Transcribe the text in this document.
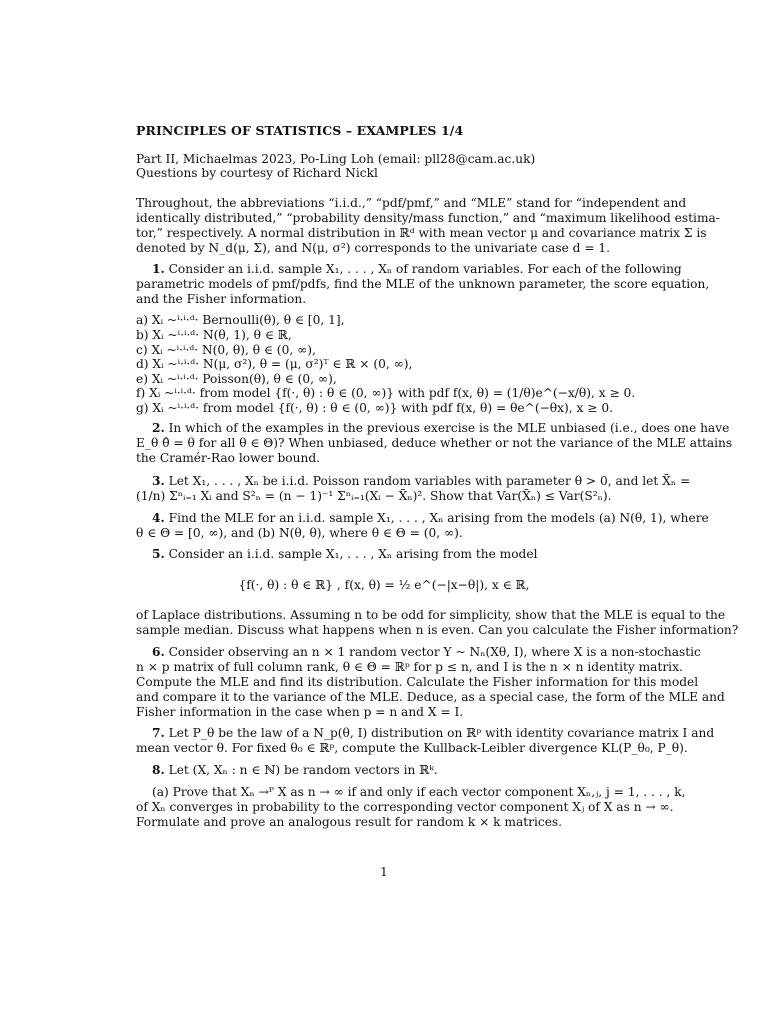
PRINCIPLES OF STATISTICS – EXAMPLES 1/4
Part II, Michaelmas 2023, Po-Ling Loh (email: pll28@cam.ac.uk)
Questions by courtesy of Richard Nickl
Throughout, the abbreviations “i.i.d.,” “pdf/pmf,” and “MLE” stand for “independent and
identically distributed,” “probability density/mass function,” and “maximum likelihood estima-
tor,” respectively. A normal distribution in ℝᵈ with mean vector μ and covariance matrix Σ is
denoted by N_d(μ, Σ), and N(μ, σ²) corresponds to the univariate case d = 1.
1. Consider an i.i.d. sample X₁, . . . , Xₙ of random variables. For each of the following
parametric models of pmf/pdfs, find the MLE of the unknown parameter, the score equation,
and the Fisher information.
a) Xᵢ ~ⁱ·ⁱ·ᵈ· Bernoulli(θ), θ ∈ [0, 1],
b) Xᵢ ~ⁱ·ⁱ·ᵈ· N(θ, 1), θ ∈ ℝ,
c) Xᵢ ~ⁱ·ⁱ·ᵈ· N(0, θ), θ ∈ (0, ∞),
d) Xᵢ ~ⁱ·ⁱ·ᵈ· N(μ, σ²), θ = (μ, σ²)ᵀ ∈ ℝ × (0, ∞),
e) Xᵢ ~ⁱ·ⁱ·ᵈ· Poisson(θ), θ ∈ (0, ∞),
f) Xᵢ ~ⁱ·ⁱ·ᵈ· from model {f(·, θ) : θ ∈ (0, ∞)} with pdf f(x, θ) = (1/θ)e^(−x/θ), x ≥ 0.
g) Xᵢ ~ⁱ·ⁱ·ᵈ· from model {f(·, θ) : θ ∈ (0, ∞)} with pdf f(x, θ) = θe^(−θx), x ≥ 0.
2. In which of the examples in the previous exercise is the MLE unbiased (i.e., does one have
E_θ θ̂ = θ for all θ ∈ Θ)? When unbiased, deduce whether or not the variance of the MLE attains
the Cramér-Rao lower bound.
3. Let X₁, . . . , Xₙ be i.i.d. Poisson random variables with parameter θ > 0, and let X̄ₙ =
(1/n) Σⁿᵢ₌₁ Xᵢ and S²ₙ = (n − 1)⁻¹ Σⁿᵢ₌₁(Xᵢ − X̄ₙ)². Show that Var(X̄ₙ) ≤ Var(S²ₙ).
4. Find the MLE for an i.i.d. sample X₁, . . . , Xₙ arising from the models (a) N(θ, 1), where
θ ∈ Θ = [0, ∞), and (b) N(θ, θ), where θ ∈ Θ = (0, ∞).
5. Consider an i.i.d. sample X₁, . . . , Xₙ arising from the model
{f(·, θ) : θ ∈ ℝ} , f(x, θ) = ½ e^(−|x−θ|), x ∈ ℝ,
of Laplace distributions. Assuming n to be odd for simplicity, show that the MLE is equal to the
sample median. Discuss what happens when n is even. Can you calculate the Fisher information?
6. Consider observing an n × 1 random vector Y ~ Nₙ(Xθ, I), where X is a non-stochastic
n × p matrix of full column rank, θ ∈ Θ = ℝᵖ for p ≤ n, and I is the n × n identity matrix.
Compute the MLE and find its distribution. Calculate the Fisher information for this model
and compare it to the variance of the MLE. Deduce, as a special case, the form of the MLE and
Fisher information in the case when p = n and X = I.
7. Let P_θ be the law of a N_p(θ, I) distribution on ℝᵖ with identity covariance matrix I and
mean vector θ. For fixed θ₀ ∈ ℝᵖ, compute the Kullback-Leibler divergence KL(P_θ₀, P_θ).
8. Let (X, Xₙ : n ∈ ℕ) be random vectors in ℝᵏ.
(a) Prove that Xₙ →ᴾ X as n → ∞ if and only if each vector component Xₙ,ⱼ, j = 1, . . . , k,
of Xₙ converges in probability to the corresponding vector component Xⱼ of X as n → ∞.
Formulate and prove an analogous result for random k × k matrices.
1
